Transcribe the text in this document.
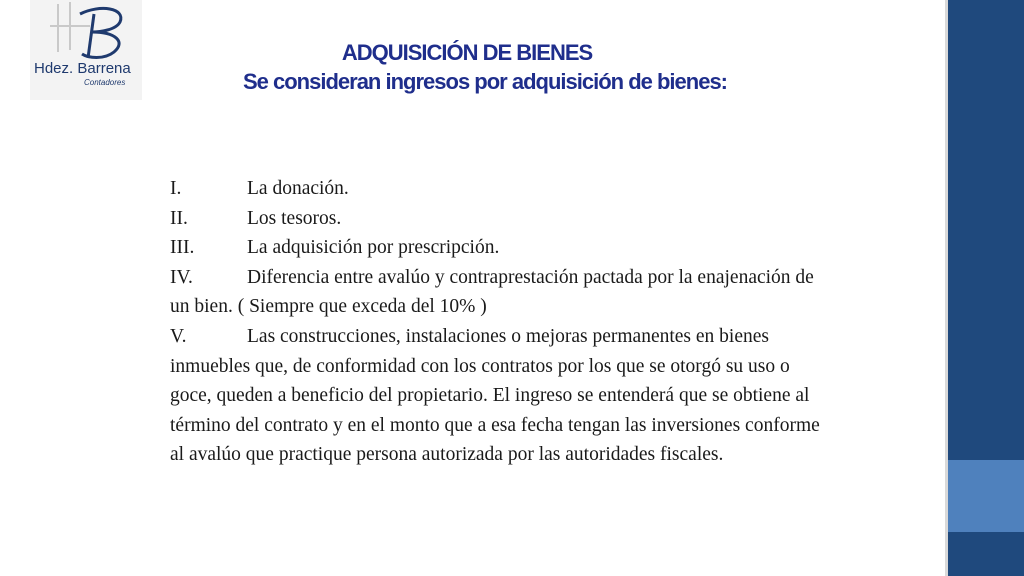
Hdez. Barrena
Contadores
ADQUISICIÓN DE BIENES
Se consideran ingresos por adquisición de bienes:

I.	La donación.

II.	Los tesoros.

III.	La adquisición por prescripción.

IV.	Diferencia entre avalúo y contraprestación pactada por la enajenación de un bien. ( Siempre que exceda del 10% )

V.	Las construcciones, instalaciones o mejoras permanentes en bienes inmuebles que, de conformidad con los contratos por los que se otorgó su uso o goce, queden a beneficio del propietario. El ingreso se entenderá que se obtiene al término del contrato y en el monto que a esa fecha tengan las inversiones conforme al avalúo que practique persona autorizada por las autoridades fiscales.
